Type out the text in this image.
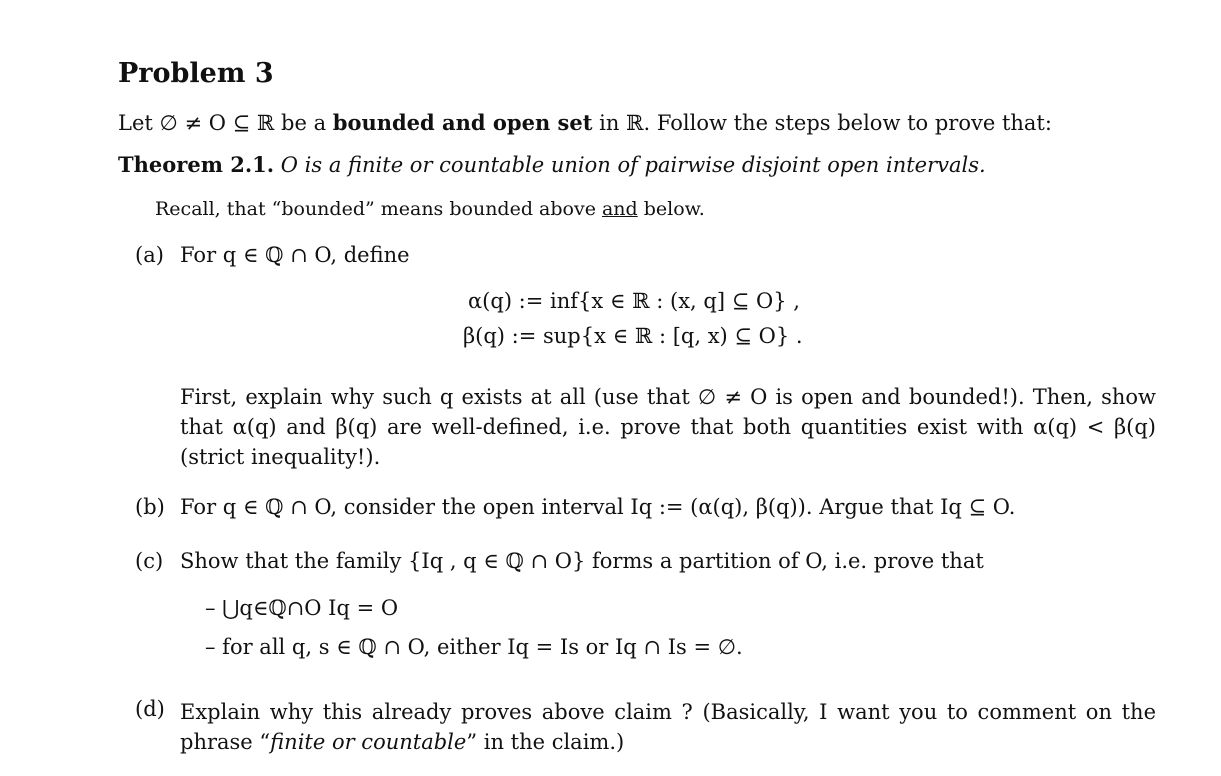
Problem 3
Let ∅ ≠ O ⊆ ℝ be a bounded and open set in ℝ. Follow the steps below to prove that:
Theorem 2.1. O is a finite or countable union of pairwise disjoint open intervals.
Recall, that “bounded” means bounded above and below.
(a) For q ∈ ℚ ∩ O, define
α(q) := inf{x ∈ ℝ : (x, q] ⊆ O} ,
β(q) := sup{x ∈ ℝ : [q, x) ⊆ O} .
First, explain why such q exists at all (use that ∅ ≠ O is open and bounded!). Then, show that α(q) and β(q) are well-defined, i.e. prove that both quantities exist with α(q) < β(q) (strict inequality!).
(b) For q ∈ ℚ ∩ O, consider the open interval Iq := (α(q), β(q)). Argue that Iq ⊆ O.
(c) Show that the family {Iq , q ∈ ℚ ∩ O} forms a partition of O, i.e. prove that
– ⋃q∈ℚ∩O Iq = O
– for all q, s ∈ ℚ ∩ O, either Iq = Is or Iq ∩ Is = ∅.
(d) Explain why this already proves above claim ? (Basically, I want you to comment on the phrase “finite or countable” in the claim.)
